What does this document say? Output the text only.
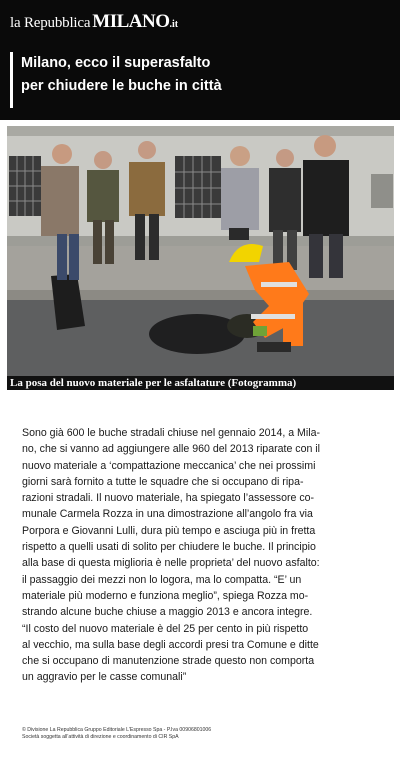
la Repubblica MILANO .it

Milano, ecco il superasfalto
per chiudere le buche in città

La posa del nuovo materiale per le asfaltature (Fotogramma)
Sono già 600 le buche stradali chiuse nel gennaio 2014, a Mila-
no, che si vanno ad aggiungere alle 960 del 2013 riparate con il
nuovo materiale a ‘compattazione meccanica’ che nei prossimi
giorni sarà fornito a tutte le squadre che si occupano di ripa-
razioni stradali. Il nuovo materiale, ha spiegato l’assessore co-
munale Carmela Rozza in una dimostrazione all’angolo fra via
Porpora e Giovanni Lulli, dura più tempo e asciuga più in fretta
rispetto a quelli usati di solito per chiudere le buche. Il principio
alla base di questa miglioria è nelle proprieta’ del nuovo asfalto:
il passaggio dei mezzi non lo logora, ma lo compatta. “E’ un
materiale più moderno e funziona meglio”, spiega Rozza mo-
strando alcune buche chiuse a maggio 2013 e ancora integre.
“Il costo del nuovo materiale è del 25 per cento in più rispetto
al vecchio, ma sulla base degli accordi presi tra Comune e ditte
che si occupano di manutenzione strade questo non comporta
un aggravio per le casse comunali”
© Divisione La Repubblica Gruppo Editoriale L’Espresso Spa - P.Iva 00906801006
Società soggetta all’attività di direzione e coordinamento di CIR SpA
